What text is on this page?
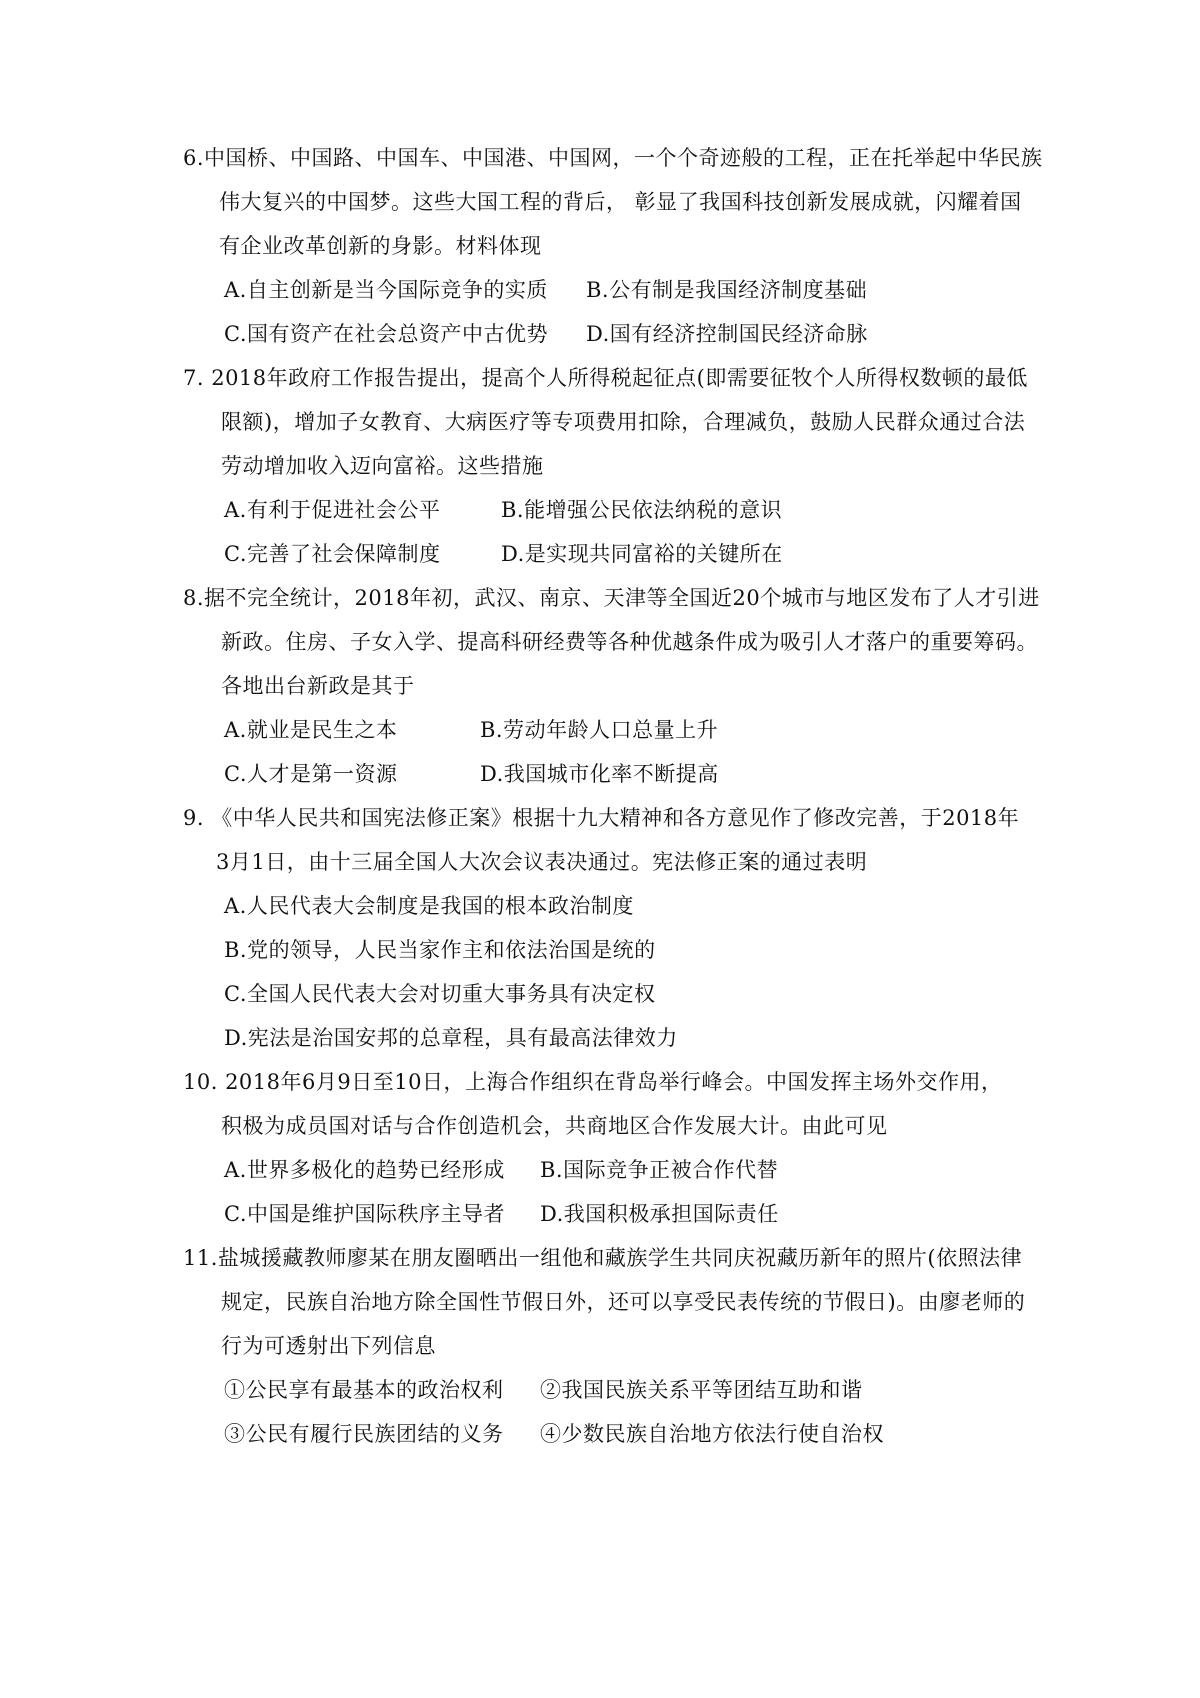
6.中国桥、中国路、中国车、中国港、中国网，一个个奇迹般的工程，正在托举起中华民族
伟大复兴的中国梦。这些大国工程的背后， 彰显了我国科技创新发展成就，闪耀着国
有企业改革创新的身影。材料体现
A.自主创新是当今国际竞争的实质 B.公有制是我国经济制度基础
C.国有资产在社会总资产中古优势 D.国有经济控制国民经济命脉
7. 2018年政府工作报告提出，提高个人所得税起征点(即需要征牧个人所得权数顿的最低
限额)，增加子女教育、大病医疗等专项费用扣除，合理减负，鼓励人民群众通过合法
劳动增加收入迈向富裕。这些措施
A.有利于促进社会公平	B.能增强公民依法纳税的意识
C.完善了社会保障制度	D.是实现共同富裕的关键所在
8.据不完全统计，2018年初，武汉、南京、天津等全国近20个城市与地区发布了人才引进
新政。住房、子女入学、提高科研经费等各种优越条件成为吸引人才落户的重要筹码。
各地出台新政是其于
A.就业是民生之本	B.劳动年龄人口总量上升
C.人才是第一资源	D.我国城市化率不断提高
9. 《中华人民共和国宪法修正案》根据十九大精神和各方意见作了修改完善，于2018年
3月1日，由十三届全国人大次会议表决通过。宪法修正案的通过表明
A.人民代表大会制度是我国的根本政治制度
B.党的领导，人民当家作主和依法治国是统的
C.全国人民代表大会对切重大事务具有决定权
D.宪法是治国安邦的总章程，具有最高法律效力
10. 2018年6月9日至10日，上海合作组织在背岛举行峰会。中国发挥主场外交作用，
积极为成员国对话与合作创造机会，共商地区合作发展大计。由此可见
A.世界多极化的趋势已经形成 B.国际竞争正被合作代替
C.中国是维护国际秩序主导者 D.我国积极承担国际责任
11.盐城援藏教师廖某在朋友圈晒出一组他和藏族学生共同庆祝藏历新年的照片(依照法律
规定，民族自治地方除全国性节假日外，还可以享受民表传统的节假日)。由廖老师的
行为可透射出下列信息
①公民享有最基本的政治权利 ②我国民族关系平等团结互助和谐
③公民有履行民族团结的义务 ④少数民族自治地方依法行使自治权
